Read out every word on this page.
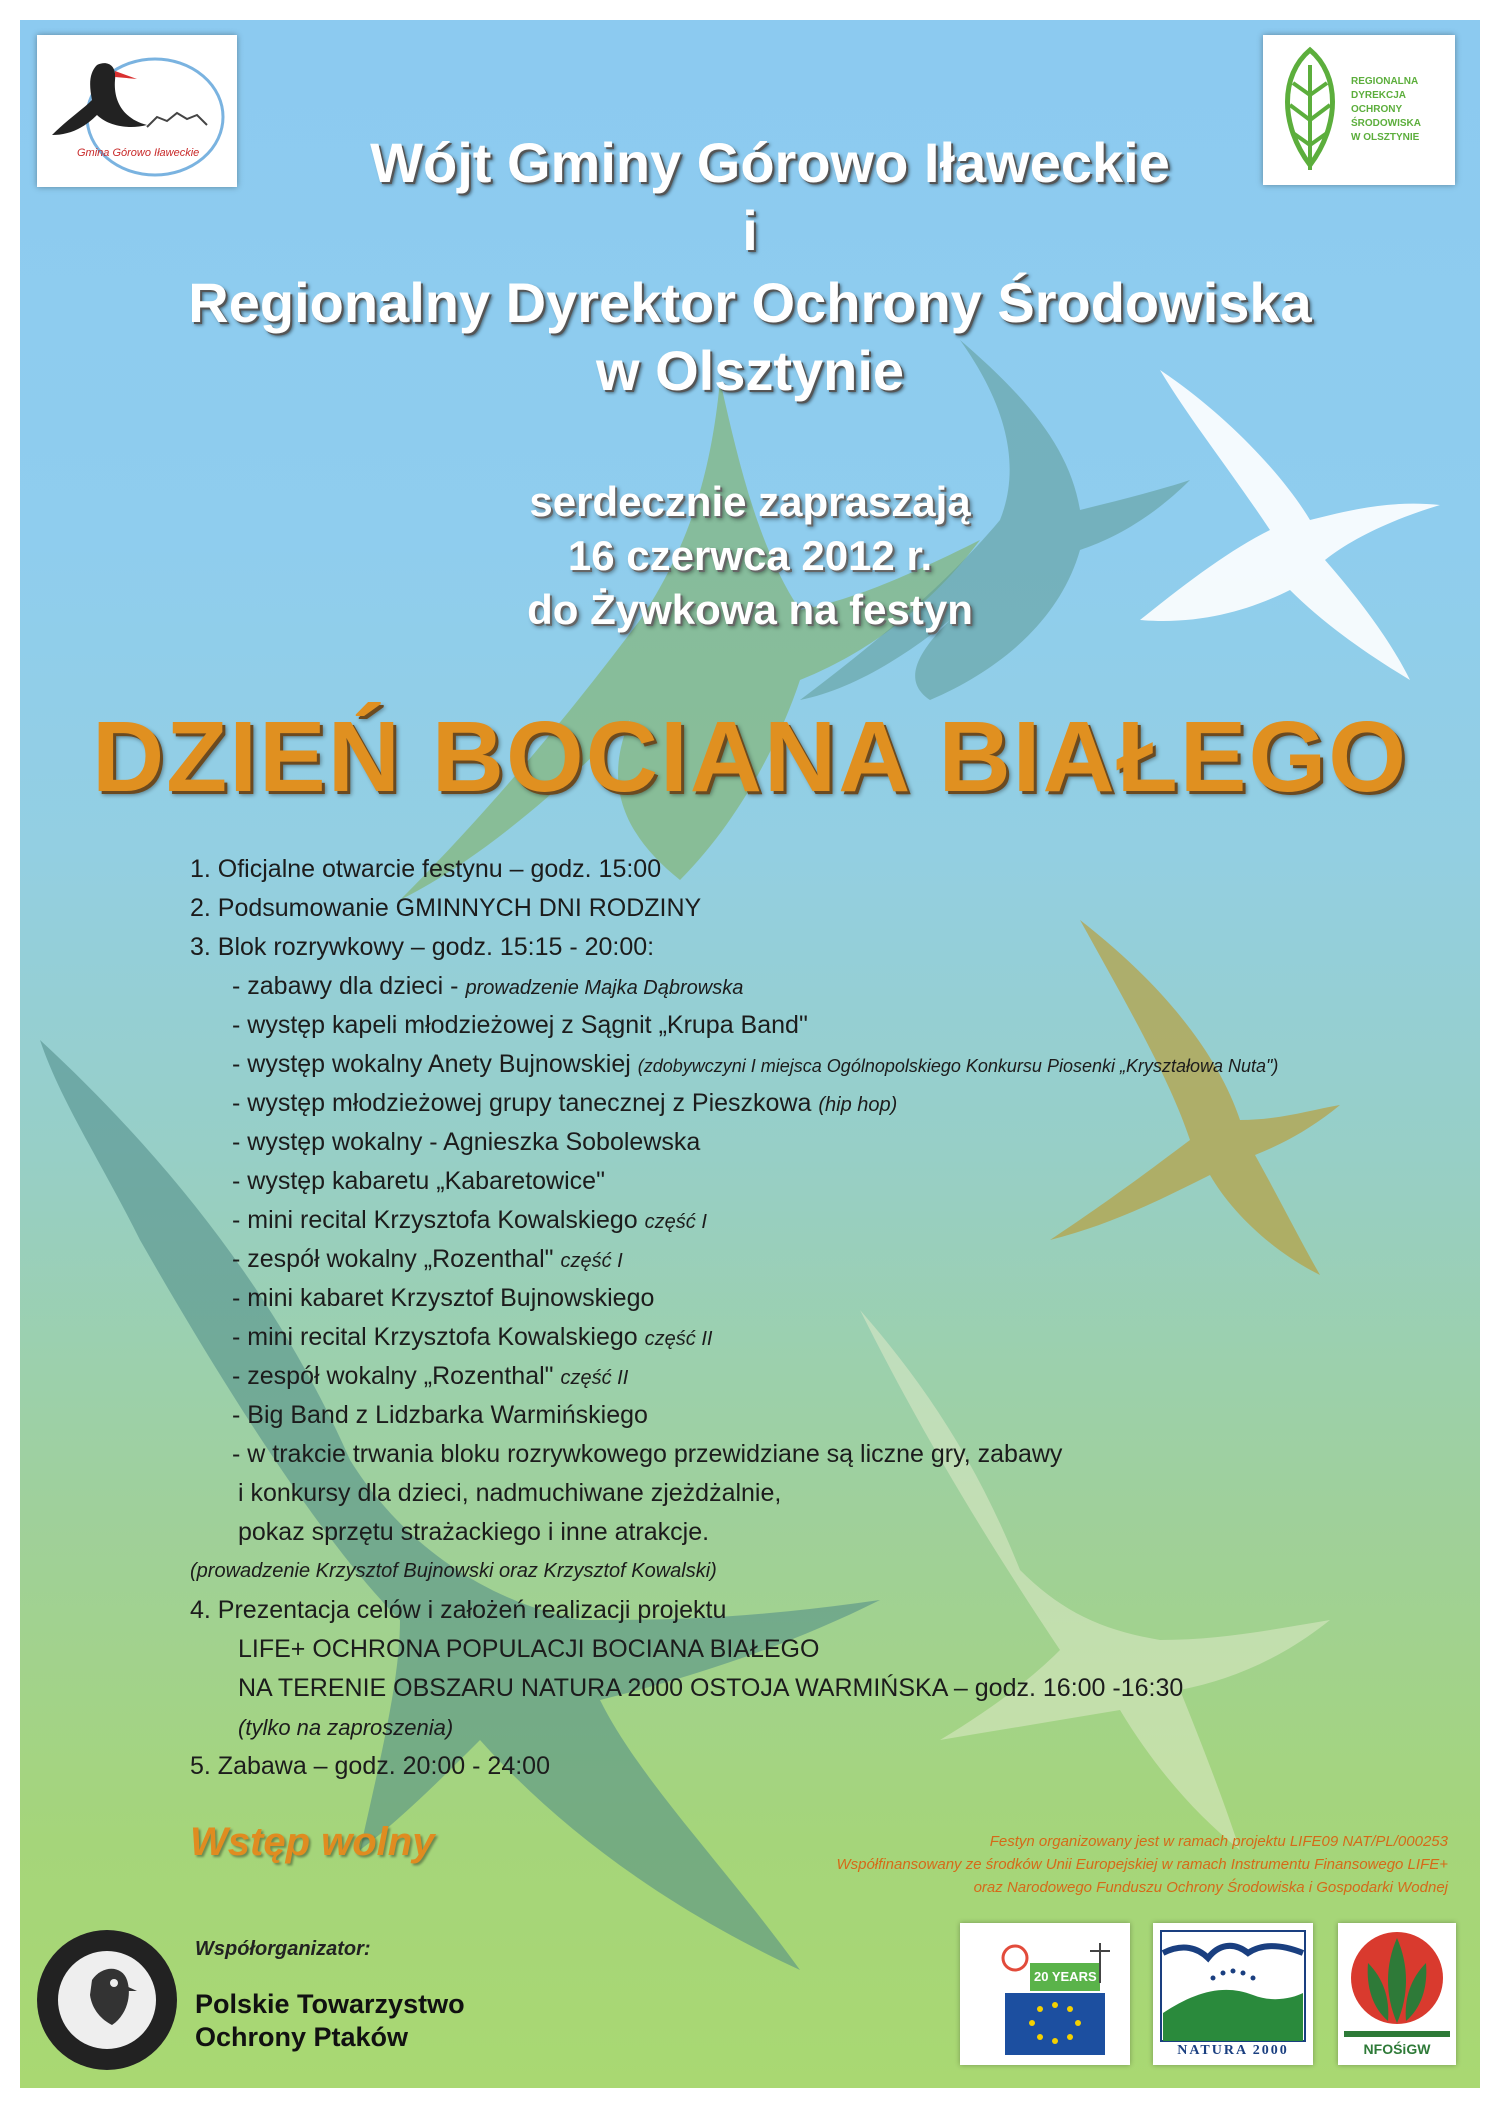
Gmina Górowo Iławeckie
REGIONALNA
DYREKCJA
OCHRONY
ŚRODOWISKA
W OLSZTYNIE
Wójt Gminy Górowo Iławeckie
i
Regionalny Dyrektor Ochrony Środowiska
w Olsztynie
serdecznie zapraszają
16 czerwca 2012 r.
do Żywkowa na festyn
DZIEŃ BOCIANA BIAŁEGO
1. Oficjalne otwarcie festynu – godz. 15:00
2. Podsumowanie GMINNYCH DNI RODZINY
3. Blok rozrywkowy – godz. 15:15 - 20:00:
- zabawy dla dzieci - prowadzenie Majka Dąbrowska
- występ kapeli młodzieżowej z Sągnit „Krupa Band"
- występ wokalny Anety Bujnowskiej (zdobywczyni I miejsca Ogólnopolskiego Konkursu Piosenki „Kryształowa Nuta")
- występ młodzieżowej grupy tanecznej z Pieszkowa (hip hop)
- występ wokalny - Agnieszka Sobolewska
- występ kabaretu „Kabaretowice"
- mini recital Krzysztofa Kowalskiego część I
- zespół wokalny „Rozenthal" część I
- mini kabaret Krzysztof Bujnowskiego
- mini recital Krzysztofa Kowalskiego część II
- zespół wokalny „Rozenthal" część II
- Big Band z Lidzbarka Warmińskiego
- w trakcie trwania bloku rozrywkowego przewidziane są liczne gry, zabawy
i konkursy dla dzieci, nadmuchiwane zjeżdżalnie,
pokaz sprzętu strażackiego i inne atrakcje.
(prowadzenie Krzysztof Bujnowski oraz Krzysztof Kowalski)
4. Prezentacja celów i założeń realizacji projektu
LIFE+ OCHRONA POPULACJI BOCIANA BIAŁEGO
NA TERENIE OBSZARU NATURA 2000 OSTOJA WARMIŃSKA – godz. 16:00 -16:30
(tylko na zaproszenia)
5. Zabawa – godz. 20:00 - 24:00
Wstęp wolny	Festyn organizowany jest w ramach projektu LIFE09 NAT/PL/000253
Współfinansowany ze środków Unii Europejskiej w ramach Instrumentu Finansowego LIFE+
oraz Narodowego Funduszu Ochrony Środowiska i Gospodarki Wodnej
Współorganizator:
Polskie Towarzystwo
Ochrony Ptaków
20 YEARS LIFE
NATURA 2000	NFOŚiGW
